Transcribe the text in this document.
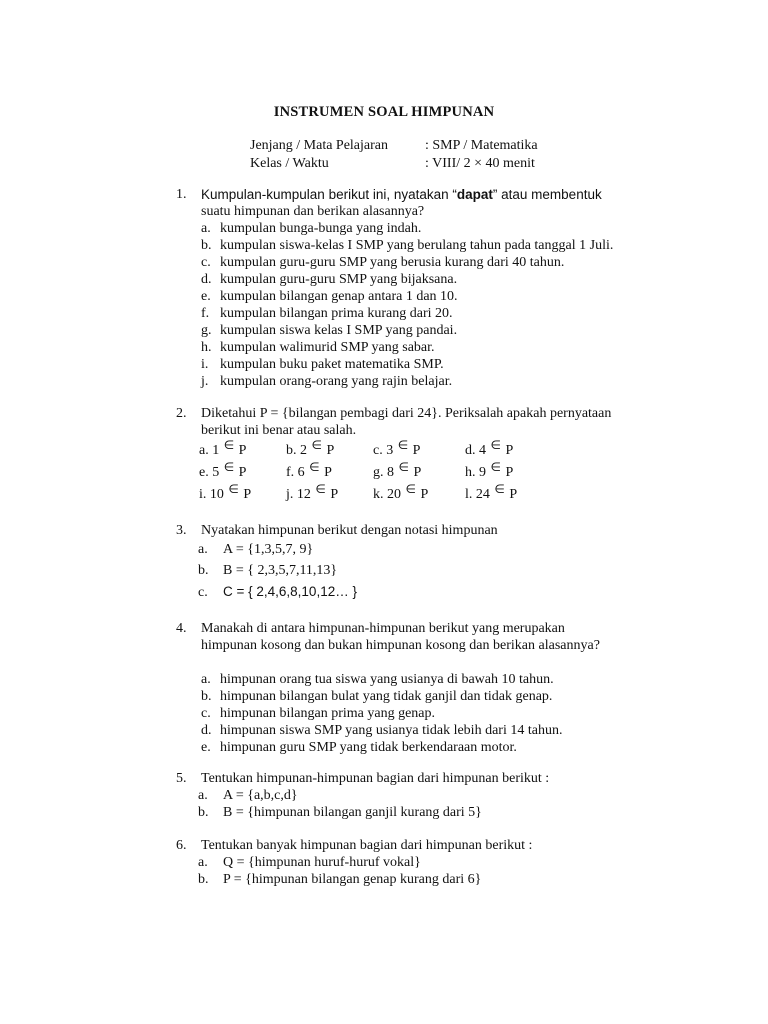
INSTRUMEN SOAL HIMPUNAN
Jenjang / Mata Pelajaran	: SMP / Matematika
Kelas / Waktu	: VIII/ 2 × 40 menit
1. Kumpulan-kumpulan berikut ini, nyatakan “dapat” atau membentuk
suatu himpunan dan berikan alasannya?
a. kumpulan bunga-bunga yang indah.
b. kumpulan siswa-kelas I SMP yang berulang tahun pada tanggal 1 Juli.
c. kumpulan guru-guru SMP yang berusia kurang dari 40 tahun.
d. kumpulan guru-guru SMP yang bijaksana.
e. kumpulan bilangan genap antara 1 dan 10.
f. kumpulan bilangan prima kurang dari 20.
g. kumpulan siswa kelas I SMP yang pandai.
h. kumpulan walimurid SMP yang sabar.
i. kumpulan buku paket matematika SMP.
j. kumpulan orang-orang yang rajin belajar.
2. Diketahui P = {bilangan pembagi dari 24}. Periksalah apakah pernyataan
berikut ini benar atau salah.
a. 1 ∈ P	b. 2 ∈ P	c. 3 ∈ P	d. 4 ∈ P
e. 5 ∈ P	f. 6 ∈ P	g. 8 ∈ P	h. 9 ∈ P
i. 10 ∈ P j. 12 ∈ P k. 20 ∈ P	l. 24 ∈ P
3. Nyatakan himpunan berikut dengan notasi himpunan
a. A = {1,3,5,7, 9}
b. B = { 2,3,5,7,11,13}
c. C = { 2,4,6,8,10,12… }
4. Manakah di antara himpunan-himpunan berikut yang merupakan
himpunan kosong dan bukan himpunan kosong dan berikan alasannya?
a. himpunan orang tua siswa yang usianya di bawah 10 tahun.
b. himpunan bilangan bulat yang tidak ganjil dan tidak genap.
c. himpunan bilangan prima yang genap.
d. himpunan siswa SMP yang usianya tidak lebih dari 14 tahun.
e. himpunan guru SMP yang tidak berkendaraan motor.
5. Tentukan himpunan-himpunan bagian dari himpunan berikut :
a. A = {a,b,c,d}
b. B = {himpunan bilangan ganjil kurang dari 5}
6. Tentukan banyak himpunan bagian dari himpunan berikut :
a. Q = {himpunan huruf-huruf vokal}
b. P = {himpunan bilangan genap kurang dari 6}
